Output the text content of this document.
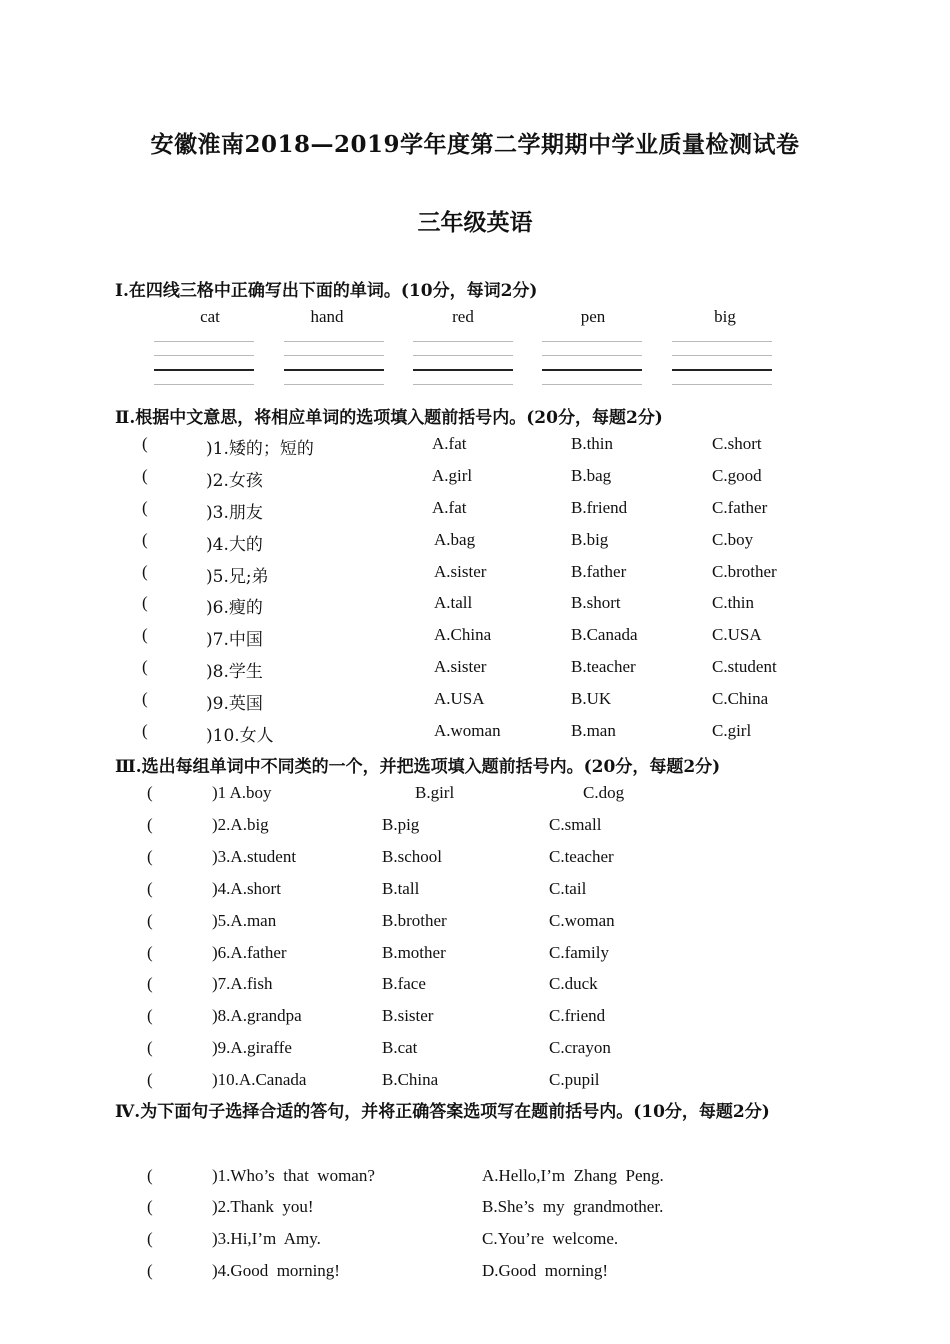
安徽淮南2018—2019学年度第二学期期中学业质量检测试卷
三年级英语
Ⅰ.在四线三格中正确写出下面的单词。(10分，每词2分)
cat	hand	red	pen	big
Ⅱ.根据中文意思，将相应单词的选项填入题前括号内。(20分，每题2分)
(	)1.矮的；短的	A.fat	B.thin	C.short
(	)2.女孩	A.girl	B.bag	C.good
(	)3.朋友	A.fat	B.friend	C.father
(	)4.大的	A.bag	B.big	C.boy
(	)5.兄;弟	A.sister	B.father	C.brother
(	)6.瘦的	A.tall	B.short	C.thin
(	)7.中国	A.China	B.Canada	C.USA
(	)8.学生	A.sister	B.teacher	C.student
(	)9.英国	A.USA	B.UK	C.China
(	)10.女人	A.woman	B.man	C.girl
Ⅲ.选出每组单词中不同类的一个，并把选项填入题前括号内。(20分，每题2分)
(	)1 A.boy	B.girl	C.dog
(	)2.A.big	B.pig	C.small
(	)3.A.student	B.school	C.teacher
(	)4.A.short	B.tall	C.tail
(	)5.A.man	B.brother	C.woman
(	)6.A.father	B.mother	C.family
(	)7.A.fish	B.face	C.duck
(	)8.A.grandpa	B.sister	C.friend
(	)9.A.giraffe	B.cat	C.crayon
(	)10.A.Canada	B.China	C.pupil
Ⅳ.为下面句子选择合适的答句，并将正确答案选项写在题前括号内。(10分，每题2分)
(	)1.Who’s  that  woman?	A.Hello,I’m  Zhang  Peng.
(	)2.Thank  you!	B.She’s  my  grandmother.
(	)3.Hi,I’m  Amy.	C.You’re  welcome.
(	)4.Good  morning!	D.Good  morning!
